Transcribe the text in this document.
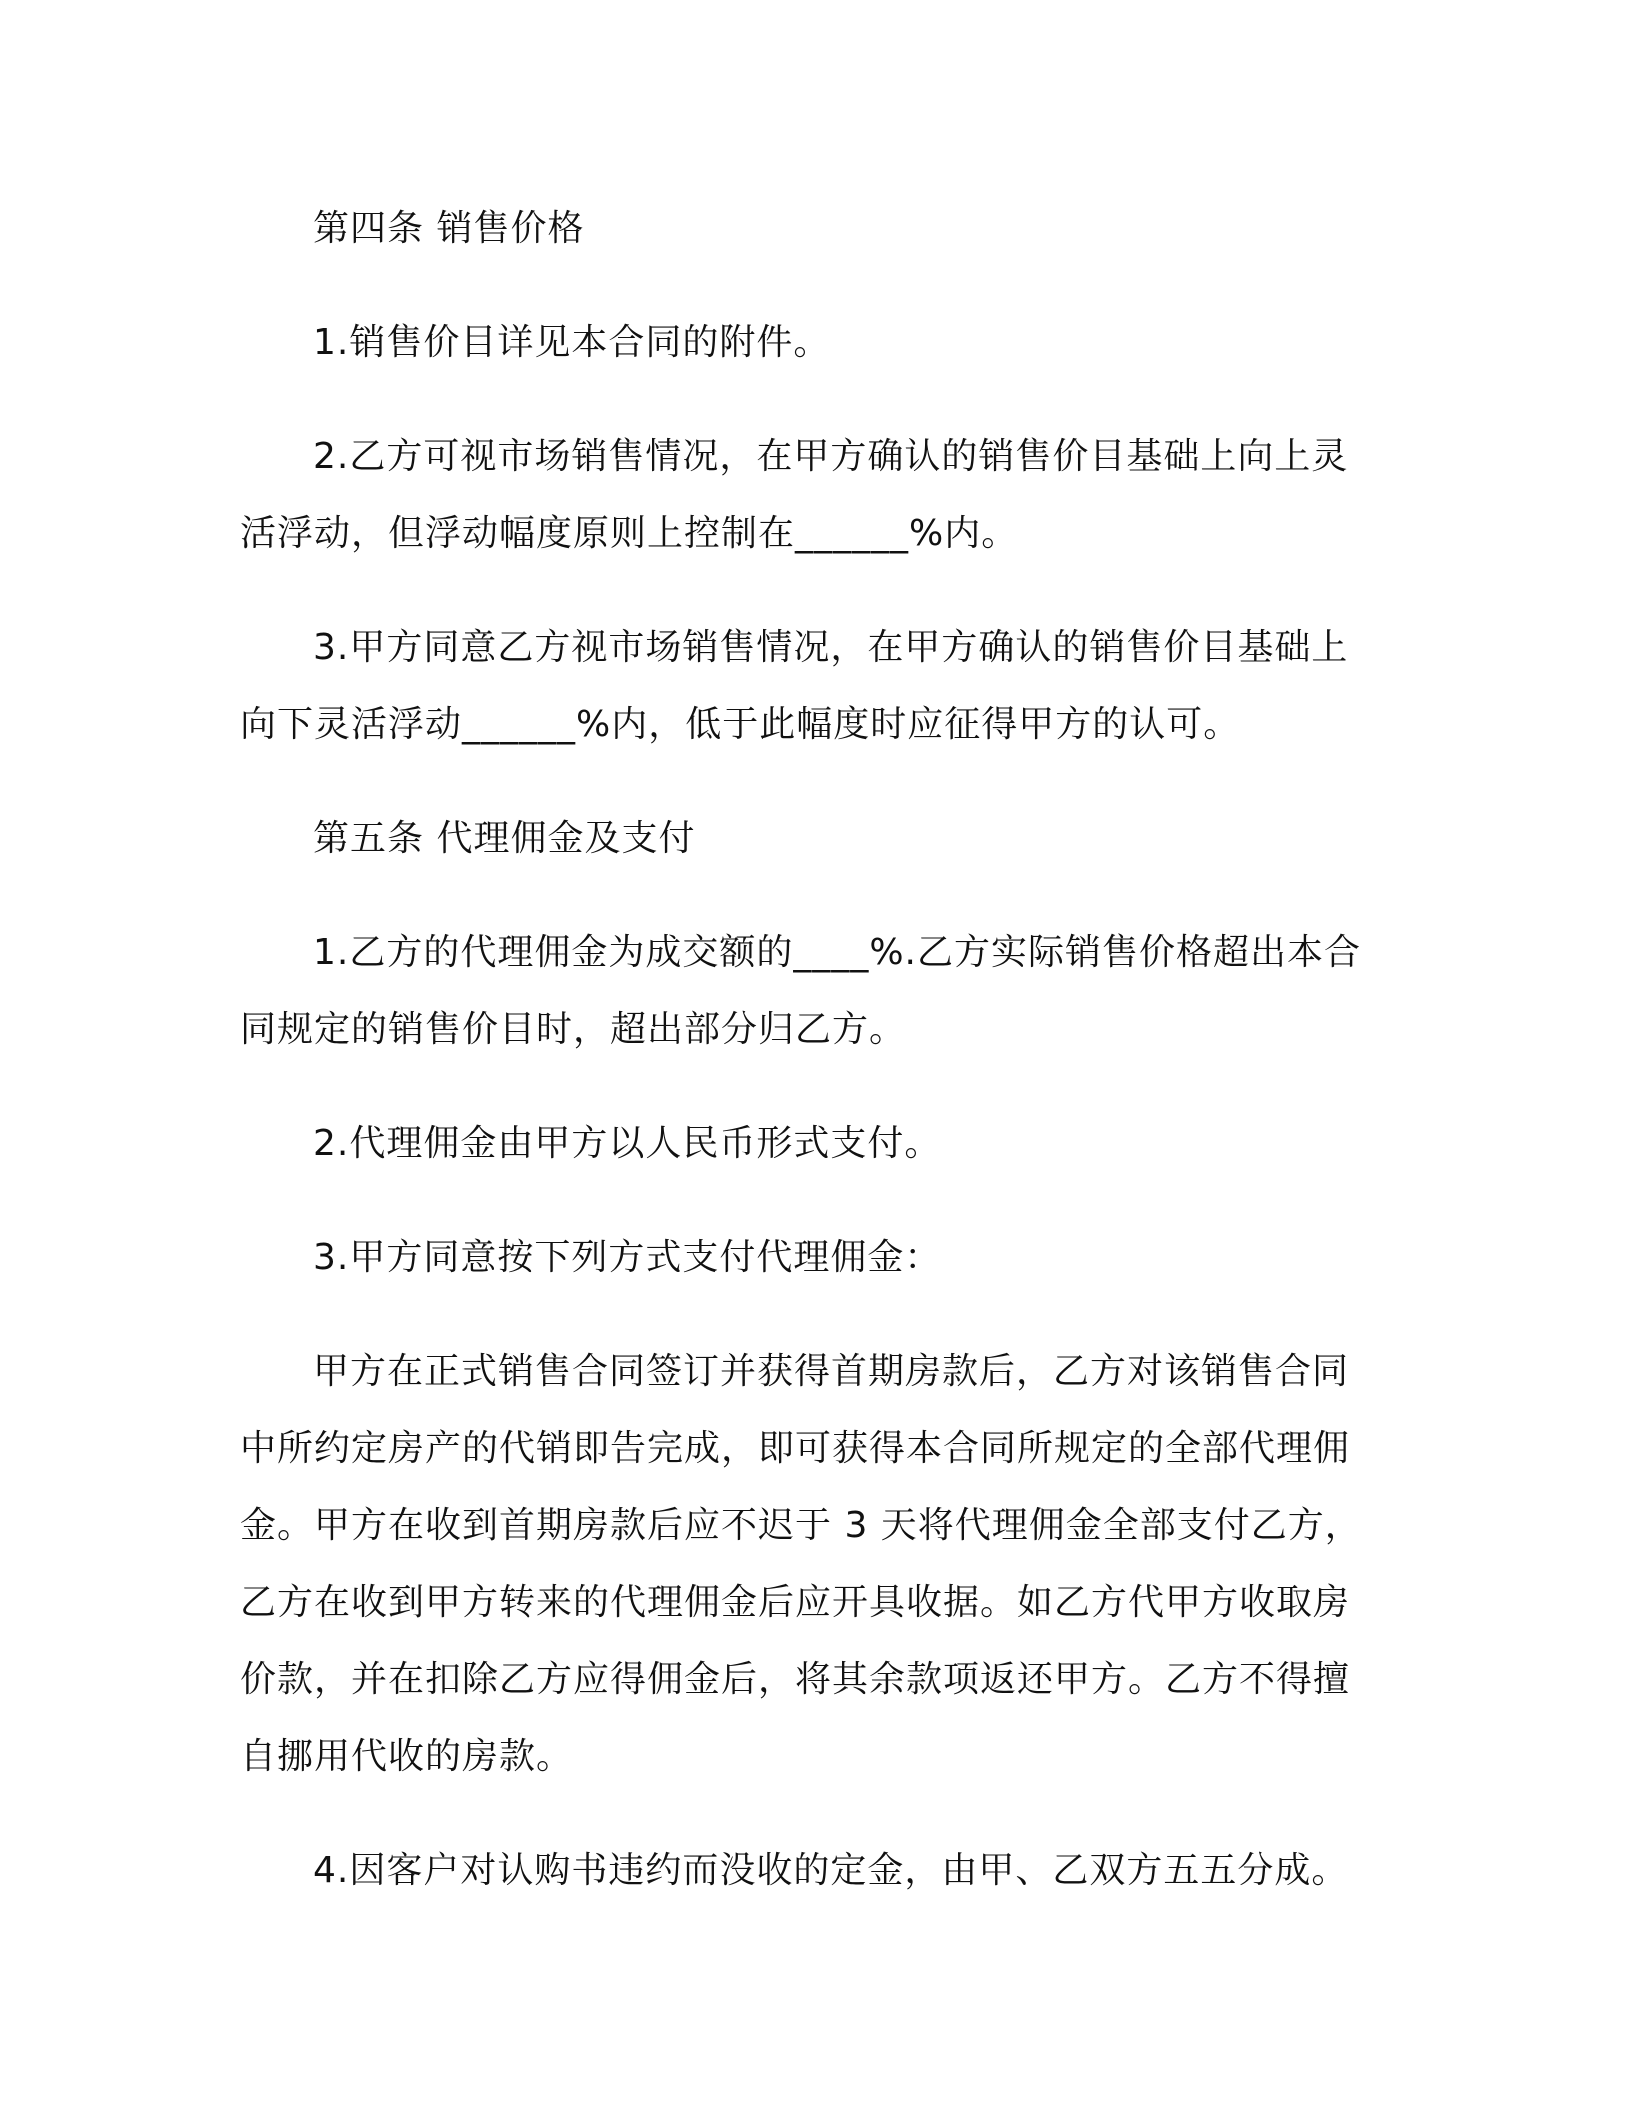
第四条 销售价格

1.销售价目详见本合同的附件。

2.乙方可视市场销售情况，在甲方确认的销售价目基础上向上灵活浮动，但浮动幅度原则上控制在______%内。

3.甲方同意乙方视市场销售情况，在甲方确认的销售价目基础上向下灵活浮动______%内，低于此幅度时应征得甲方的认可。

第五条 代理佣金及支付

1.乙方的代理佣金为成交额的____%.乙方实际销售价格超出本合同规定的销售价目时，超出部分归乙方。

2.代理佣金由甲方以人民币形式支付。

3.甲方同意按下列方式支付代理佣金：

甲方在正式销售合同签订并获得首期房款后，乙方对该销售合同中所约定房产的代销即告完成，即可获得本合同所规定的全部代理佣金。甲方在收到首期房款后应不迟于 3 天将代理佣金全部支付乙方，乙方在收到甲方转来的代理佣金后应开具收据。如乙方代甲方收取房价款，并在扣除乙方应得佣金后，将其余款项返还甲方。乙方不得擅自挪用代收的房款。

4.因客户对认购书违约而没收的定金，由甲、乙双方五五分成。
